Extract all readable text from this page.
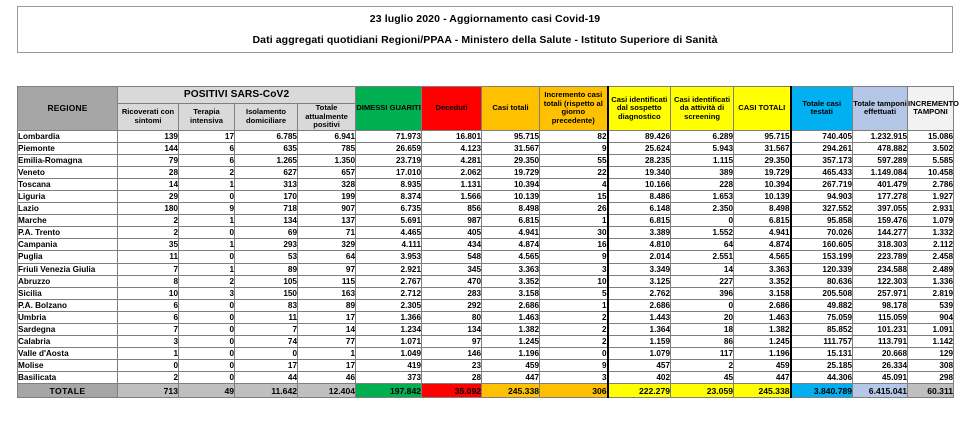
23 luglio 2020 - Aggiornamento casi Covid-19
Dati aggregati quotidiani Regioni/PPAA - Ministero della Salute - Istituto Superiore di Sanità
REGIONE	POSITIVI SARS-CoV2				DIMESSI GUARITI	Deceduti	Casi totali	Incremento casi totali (rispetto al giorno precedente)	Casi identificati dal sospetto diagnostico	Casi identificati da attività di screening	CASI TOTALI	Totale casi testati	Totale tamponi effettuati	INCREMENTO TAMPONI
	Ricoverati con sintomi	Terapia intensiva	Isolamento domiciliare	Totale attualmente positivi										
Lombardia	139	17	6.785	6.941	71.973	16.801	95.715	82	89.426	6.289	95.715	740.405	1.232.915	15.086
Piemonte	144	6	635	785	26.659	4.123	31.567	9	25.624	5.943	31.567	294.261	478.882	3.502
Emilia-Romagna	79	6	1.265	1.350	23.719	4.281	29.350	55	28.235	1.115	29.350	357.173	597.289	5.585
Veneto	28	2	627	657	17.010	2.062	19.729	22	19.340	389	19.729	465.433	1.149.084	10.458
Toscana	14	1	313	328	8.935	1.131	10.394	4	10.166	228	10.394	267.719	401.479	2.786
Liguria	29	0	170	199	8.374	1.566	10.139	15	8.486	1.653	10.139	94.903	177.278	1.927
Lazio	180	9	718	907	6.735	856	8.498	26	6.148	2.350	8.498	327.552	397.055	2.931
Marche	2	1	134	137	5.691	987	6.815	1	6.815	0	6.815	95.858	159.476	1.079
P.A. Trento	2	0	69	71	4.465	405	4.941	30	3.389	1.552	4.941	70.026	144.277	1.332
Campania	35	1	293	329	4.111	434	4.874	16	4.810	64	4.874	160.605	318.303	2.112
Puglia	11	0	53	64	3.953	548	4.565	9	2.014	2.551	4.565	153.199	223.789	2.458
Friuli Venezia Giulia	7	1	89	97	2.921	345	3.363	3	3.349	14	3.363	120.339	234.588	2.489
Abruzzo	8	2	105	115	2.767	470	3.352	10	3.125	227	3.352	80.636	122.303	1.336
Sicilia	10	3	150	163	2.712	283	3.158	5	2.762	396	3.158	205.508	257.971	2.819
P.A. Bolzano	6	0	83	89	2.305	292	2.686	1	2.686	0	2.686	49.882	98.178	539
Umbria	6	0	11	17	1.366	80	1.463	2	1.443	20	1.463	75.059	115.059	904
Sardegna	7	0	7	14	1.234	134	1.382	2	1.364	18	1.382	85.852	101.231	1.091
Calabria	3	0	74	77	1.071	97	1.245	2	1.159	86	1.245	111.757	113.791	1.142
Valle d'Aosta	1	0	0	1	1.049	146	1.196	0	1.079	117	1.196	15.131	20.668	129
Molise	0	0	17	17	419	23	459	9	457	2	459	25.185	26.334	308
Basilicata	2	0	44	46	373	28	447	3	402	45	447	44.306	45.091	298
TOTALE	713	49	11.642	12.404	197.842	35.092	245.338	306	222.279	23.059	245.338	3.840.789	6.415.041	60.311
